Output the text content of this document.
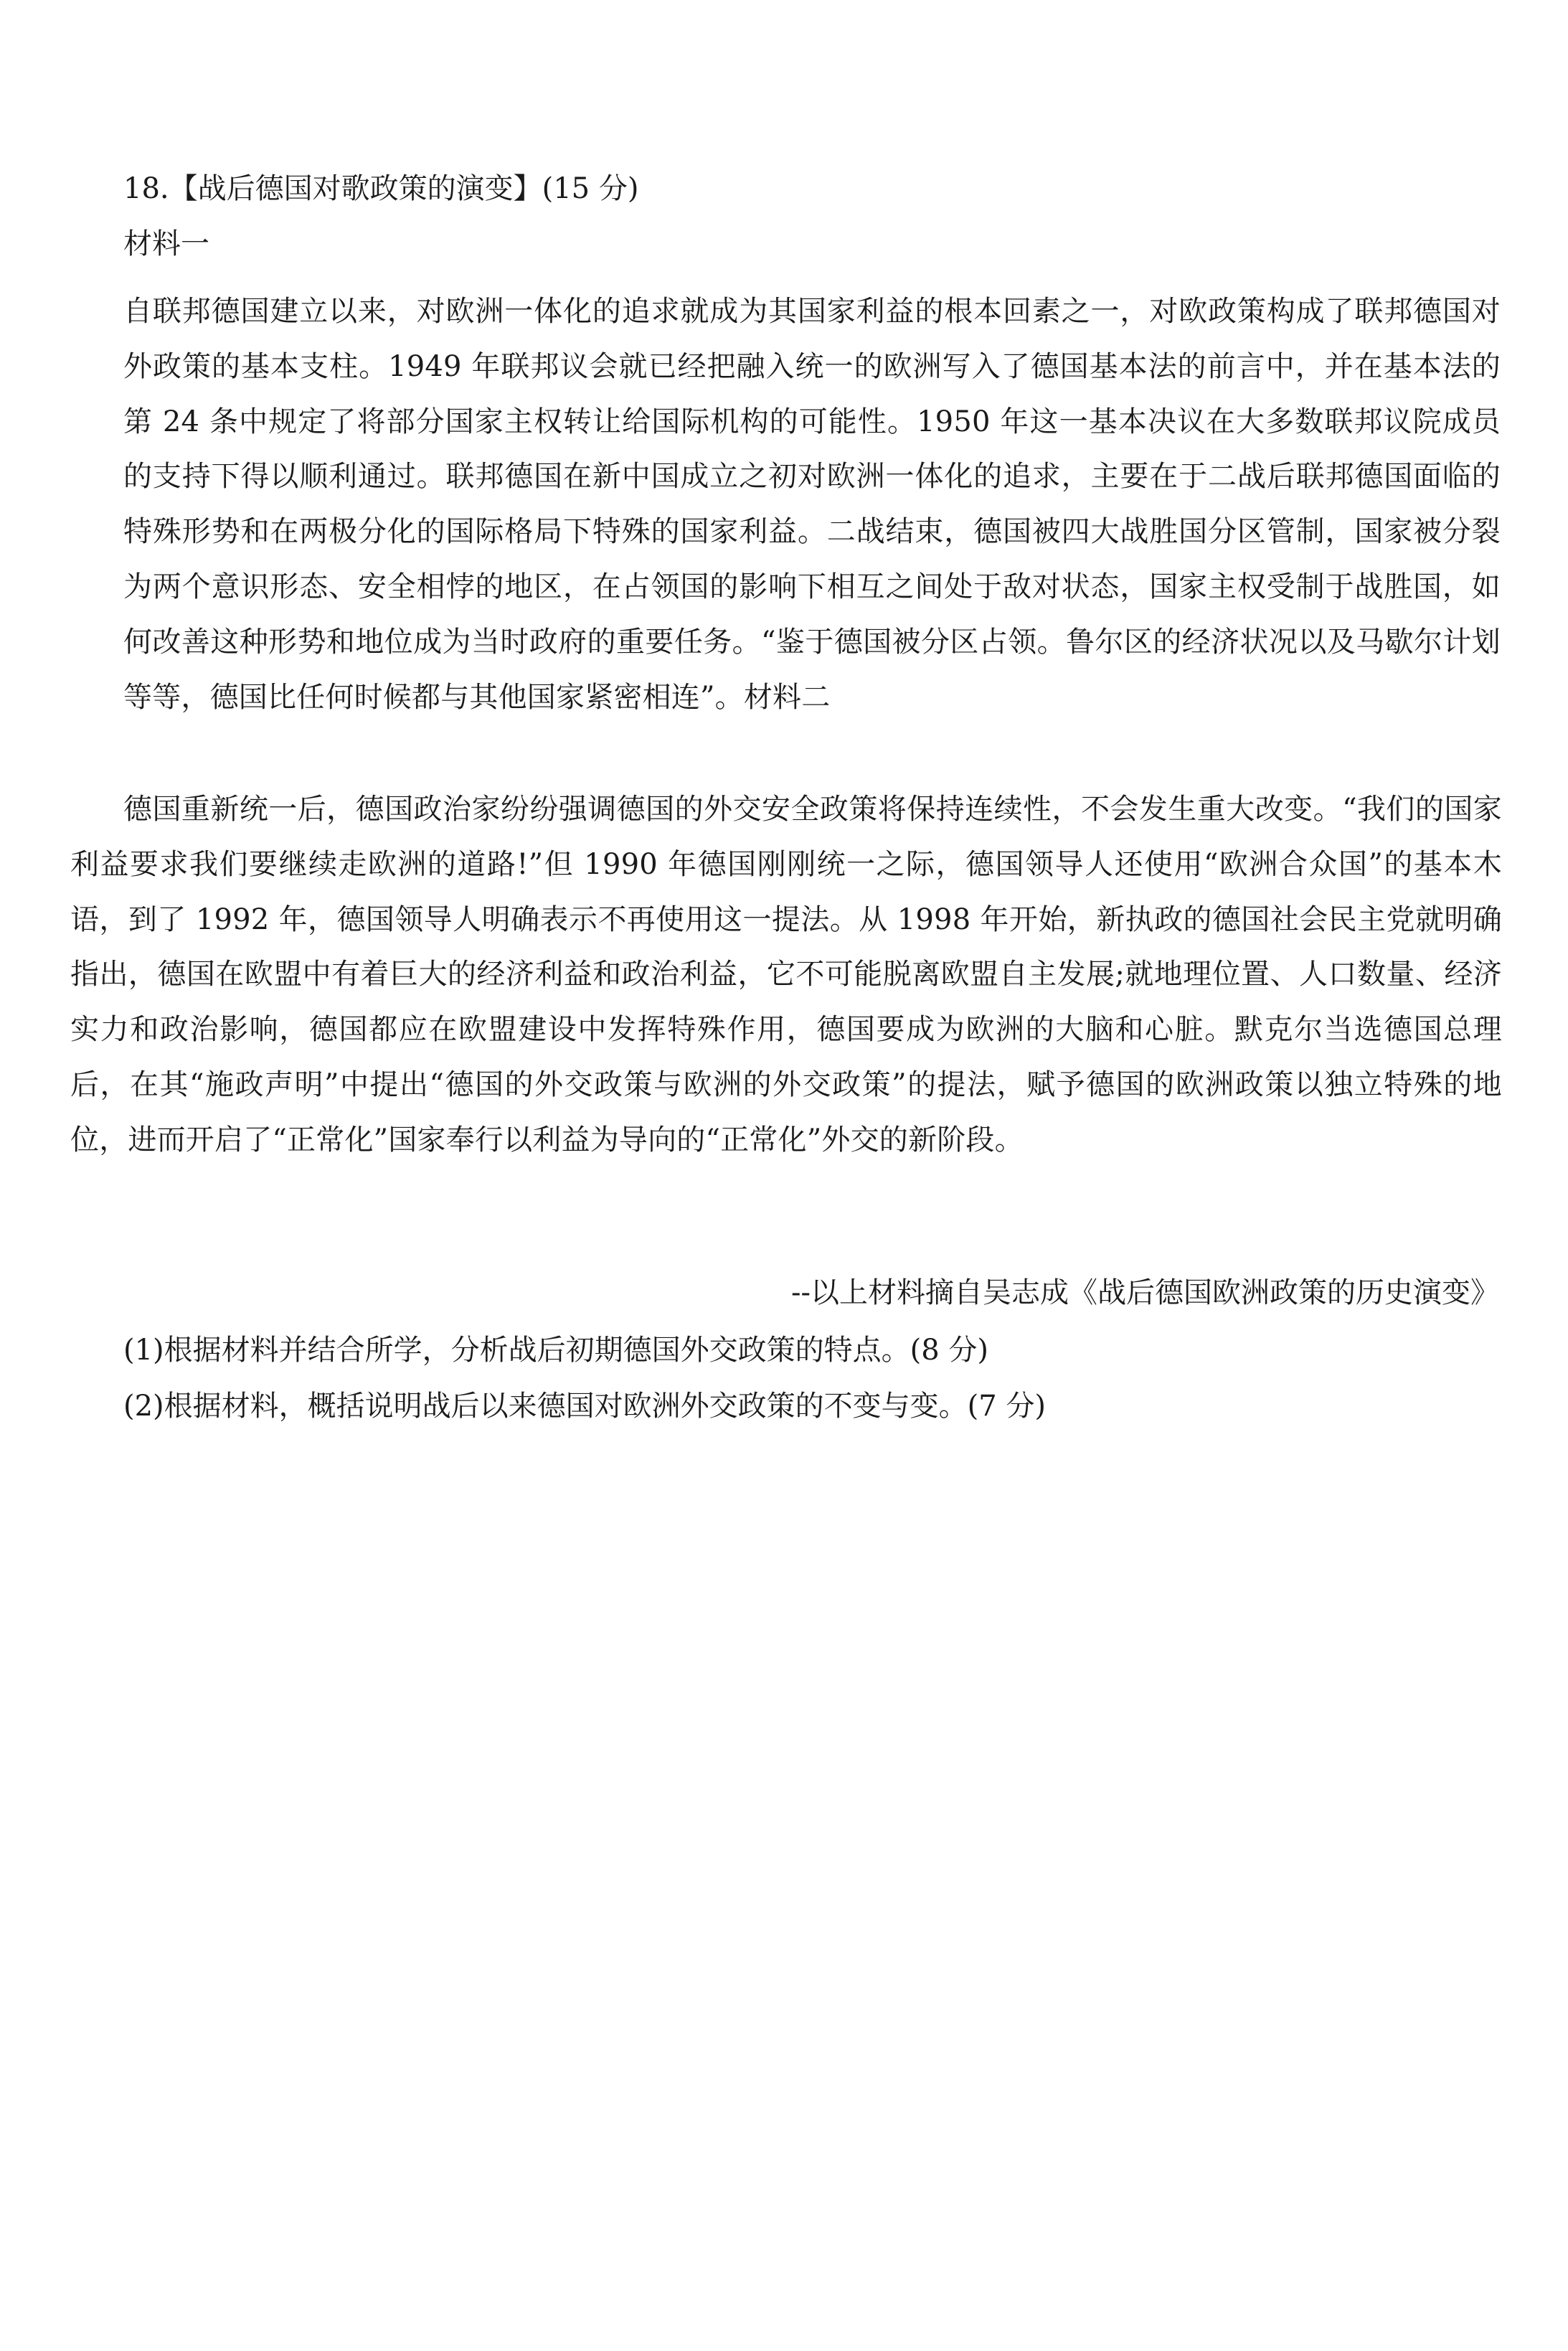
18.【战后德国对歌政策的演变】(15 分)

材料一

自联邦德国建立以来，对欧洲一体化的追求就成为其国家利益的根本回素之一，对欧政策构成了联邦德国对外政策的基本支柱。1949 年联邦议会就已经把融入统一的欧洲写入了德国基本法的前言中，并在基本法的第 24 条中规定了将部分国家主权转让给国际机构的可能性。1950 年这一基本决议在大多数联邦议院成员的支持下得以顺利通过。联邦德国在新中国成立之初对欧洲一体化的追求，主要在于二战后联邦德国面临的特殊形势和在两极分化的国际格局下特殊的国家利益。二战结束，德国被四大战胜国分区管制，国家被分裂为两个意识形态、安全相悖的地区，在占领国的影响下相互之间处于敌对状态，国家主权受制于战胜国，如何改善这种形势和地位成为当时政府的重要任务。“鉴于德国被分区占领。鲁尔区的经济状况以及马歇尔计划等等，德国比任何时候都与其他国家紧密相连”。材料二

德国重新统一后，德国政治家纷纷强调德国的外交安全政策将保持连续性，不会发生重大改变。“我们的国家利益要求我们要继续走欧洲的道路!”但 1990 年德国刚刚统一之际，德国领导人还使用“欧洲合众国”的基本木语，到了 1992 年，德国领导人明确表示不再使用这一提法。从 1998 年开始，新执政的德国社会民主党就明确指出，德国在欧盟中有着巨大的经济利益和政治利益，它不可能脱离欧盟自主发展;就地理位置、人口数量、经济实力和政治影响，德国都应在欧盟建设中发挥特殊作用，德国要成为欧洲的大脑和心脏。默克尔当选德国总理后，在其“施政声明”中提出“德国的外交政策与欧洲的外交政策”的提法，赋予德国的欧洲政策以独立特殊的地位，进而开启了“正常化”国家奉行以利益为导向的“正常化”外交的新阶段。

--以上材料摘自吴志成《战后德国欧洲政策的历史演变》
(1)根据材料并结合所学，分析战后初期德国外交政策的特点。(8 分)
(2)根据材料，概括说明战后以来德国对欧洲外交政策的不变与变。(7 分)
